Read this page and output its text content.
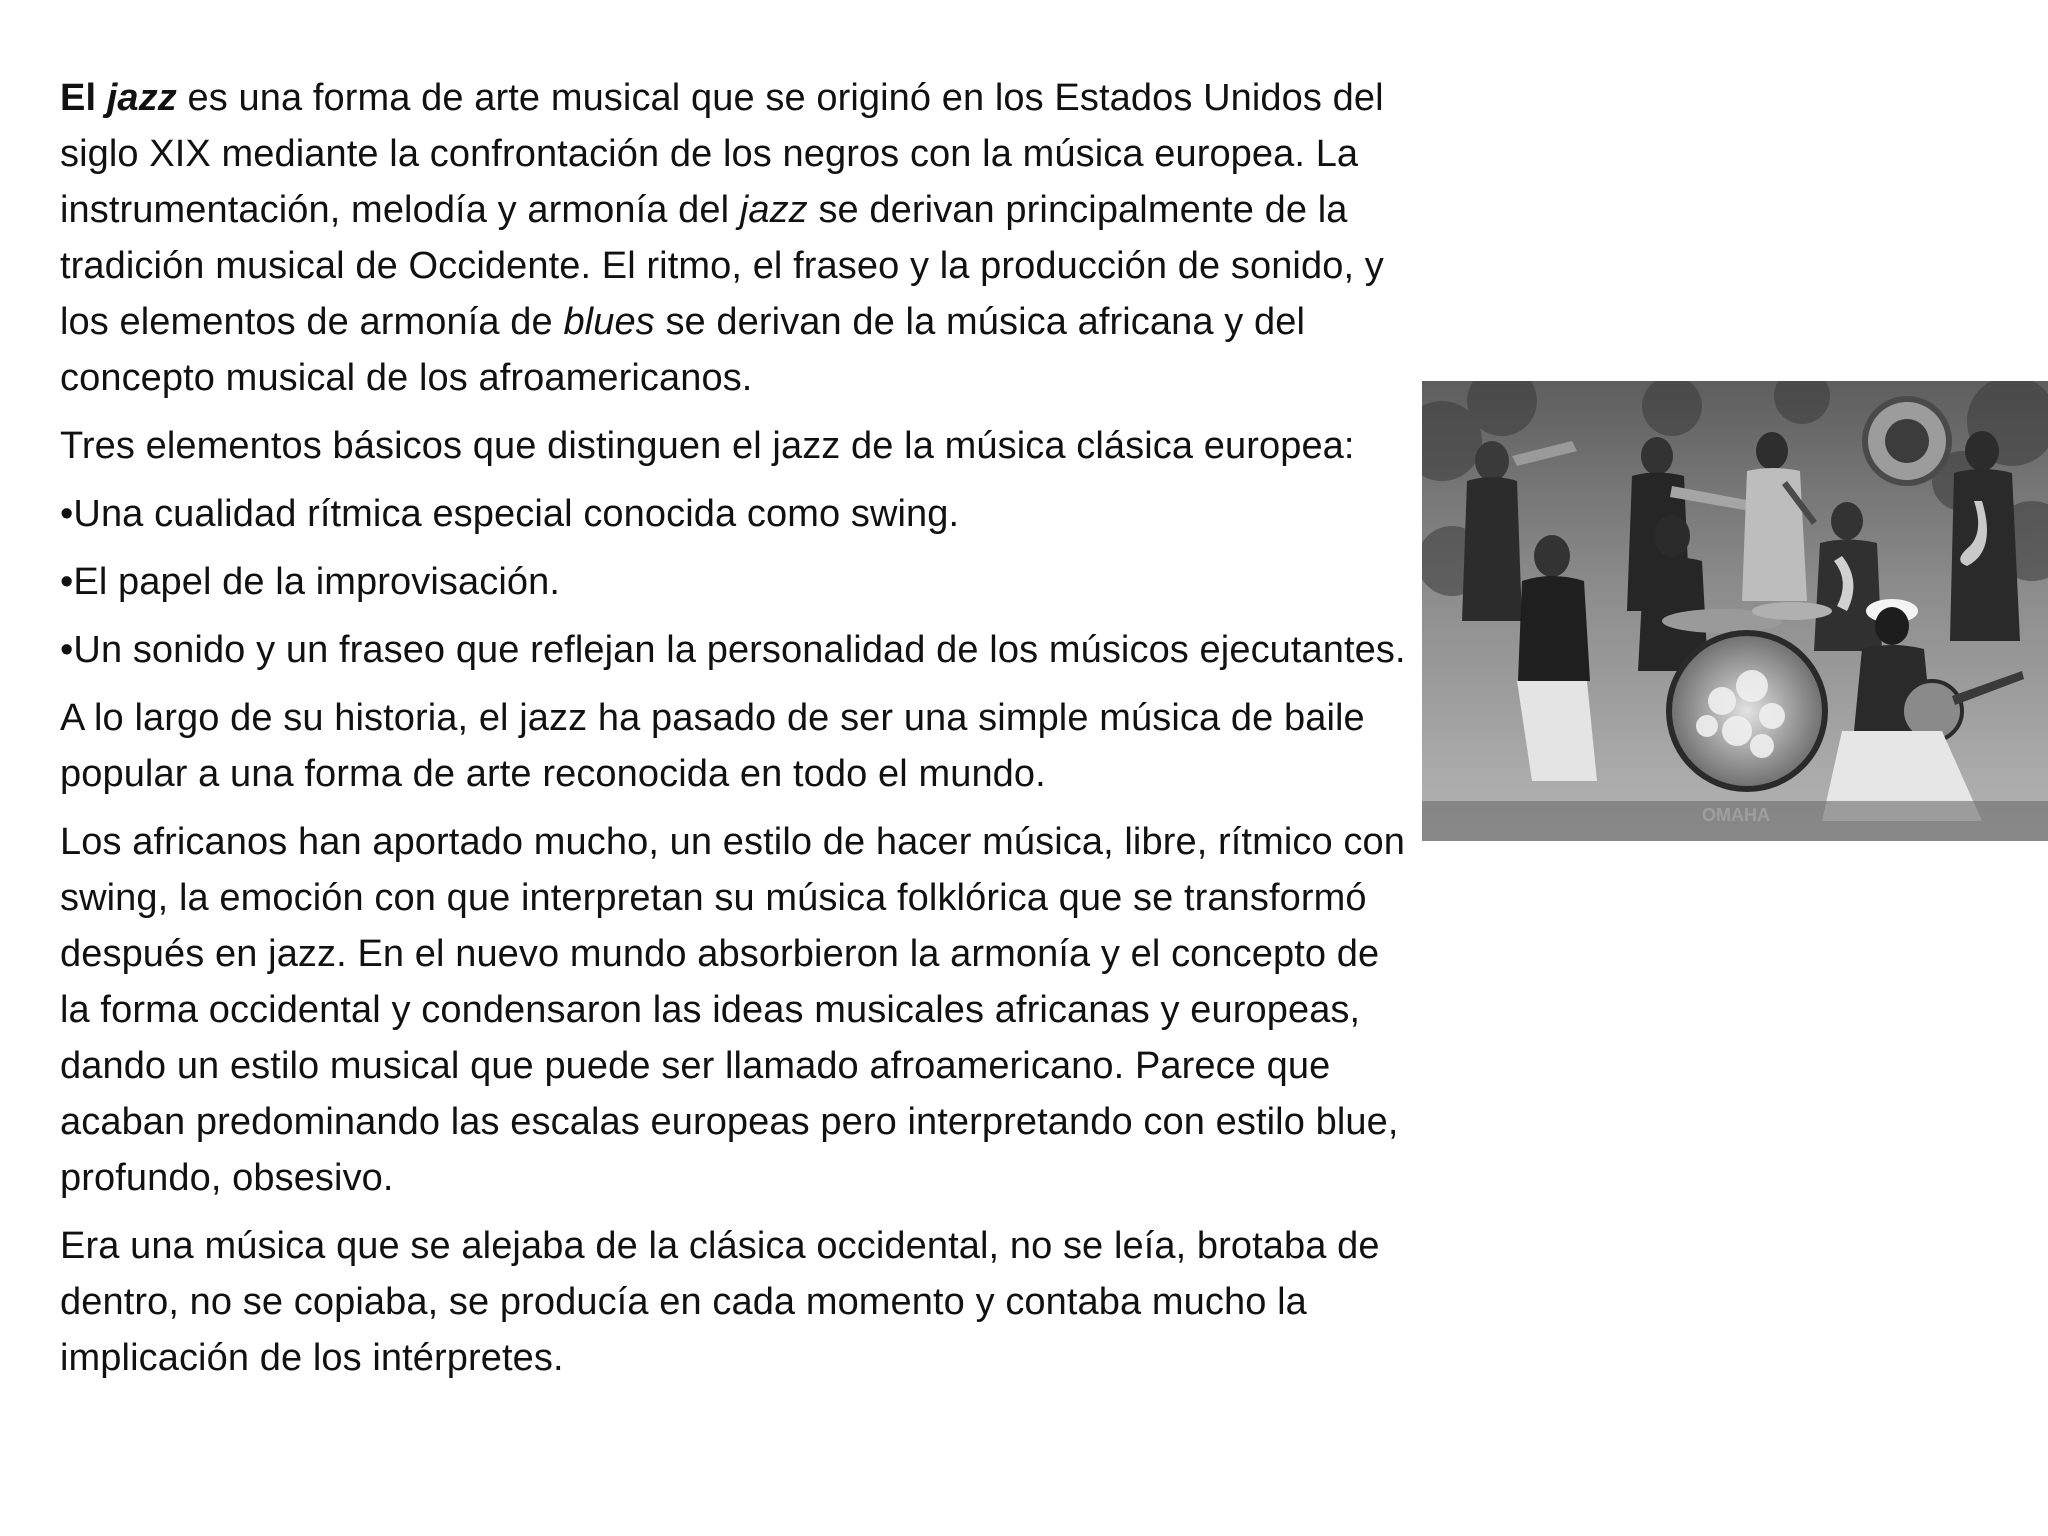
El jazz es una forma de arte musical que se originó en los Estados Unidos del siglo XIX mediante la confrontación de los negros con la música europea. La instrumentación, melodía y armonía del jazz se derivan principalmente de la tradición musical de Occidente. El ritmo, el fraseo y la producción de sonido, y los elementos de armonía de blues se derivan de la música africana y del concepto musical de los afroamericanos.

Tres elementos básicos que distinguen el jazz de la música clásica europea:

•Una cualidad rítmica especial conocida como swing.

•El papel de la improvisación.

•Un sonido y un fraseo que reflejan la personalidad de los músicos ejecutantes.

A lo largo de su historia, el jazz ha pasado de ser una simple música de baile popular a una forma de arte reconocida en todo el mundo.

Los africanos han aportado mucho, un estilo de hacer música, libre, rítmico con swing, la emoción con que interpretan su música folklórica que se transformó después en jazz. En el nuevo mundo absorbieron la armonía y el concepto de la forma occidental y condensaron las ideas musicales africanas y europeas, dando un estilo musical que puede ser llamado afroamericano. Parece que acaban predominando las escalas europeas pero interpretando con estilo blue, profundo, obsesivo.

Era una música que se alejaba de la clásica occidental, no se leía, brotaba de dentro, no se copiaba, se producía en cada momento y contaba mucho la implicación de los intérpretes.
